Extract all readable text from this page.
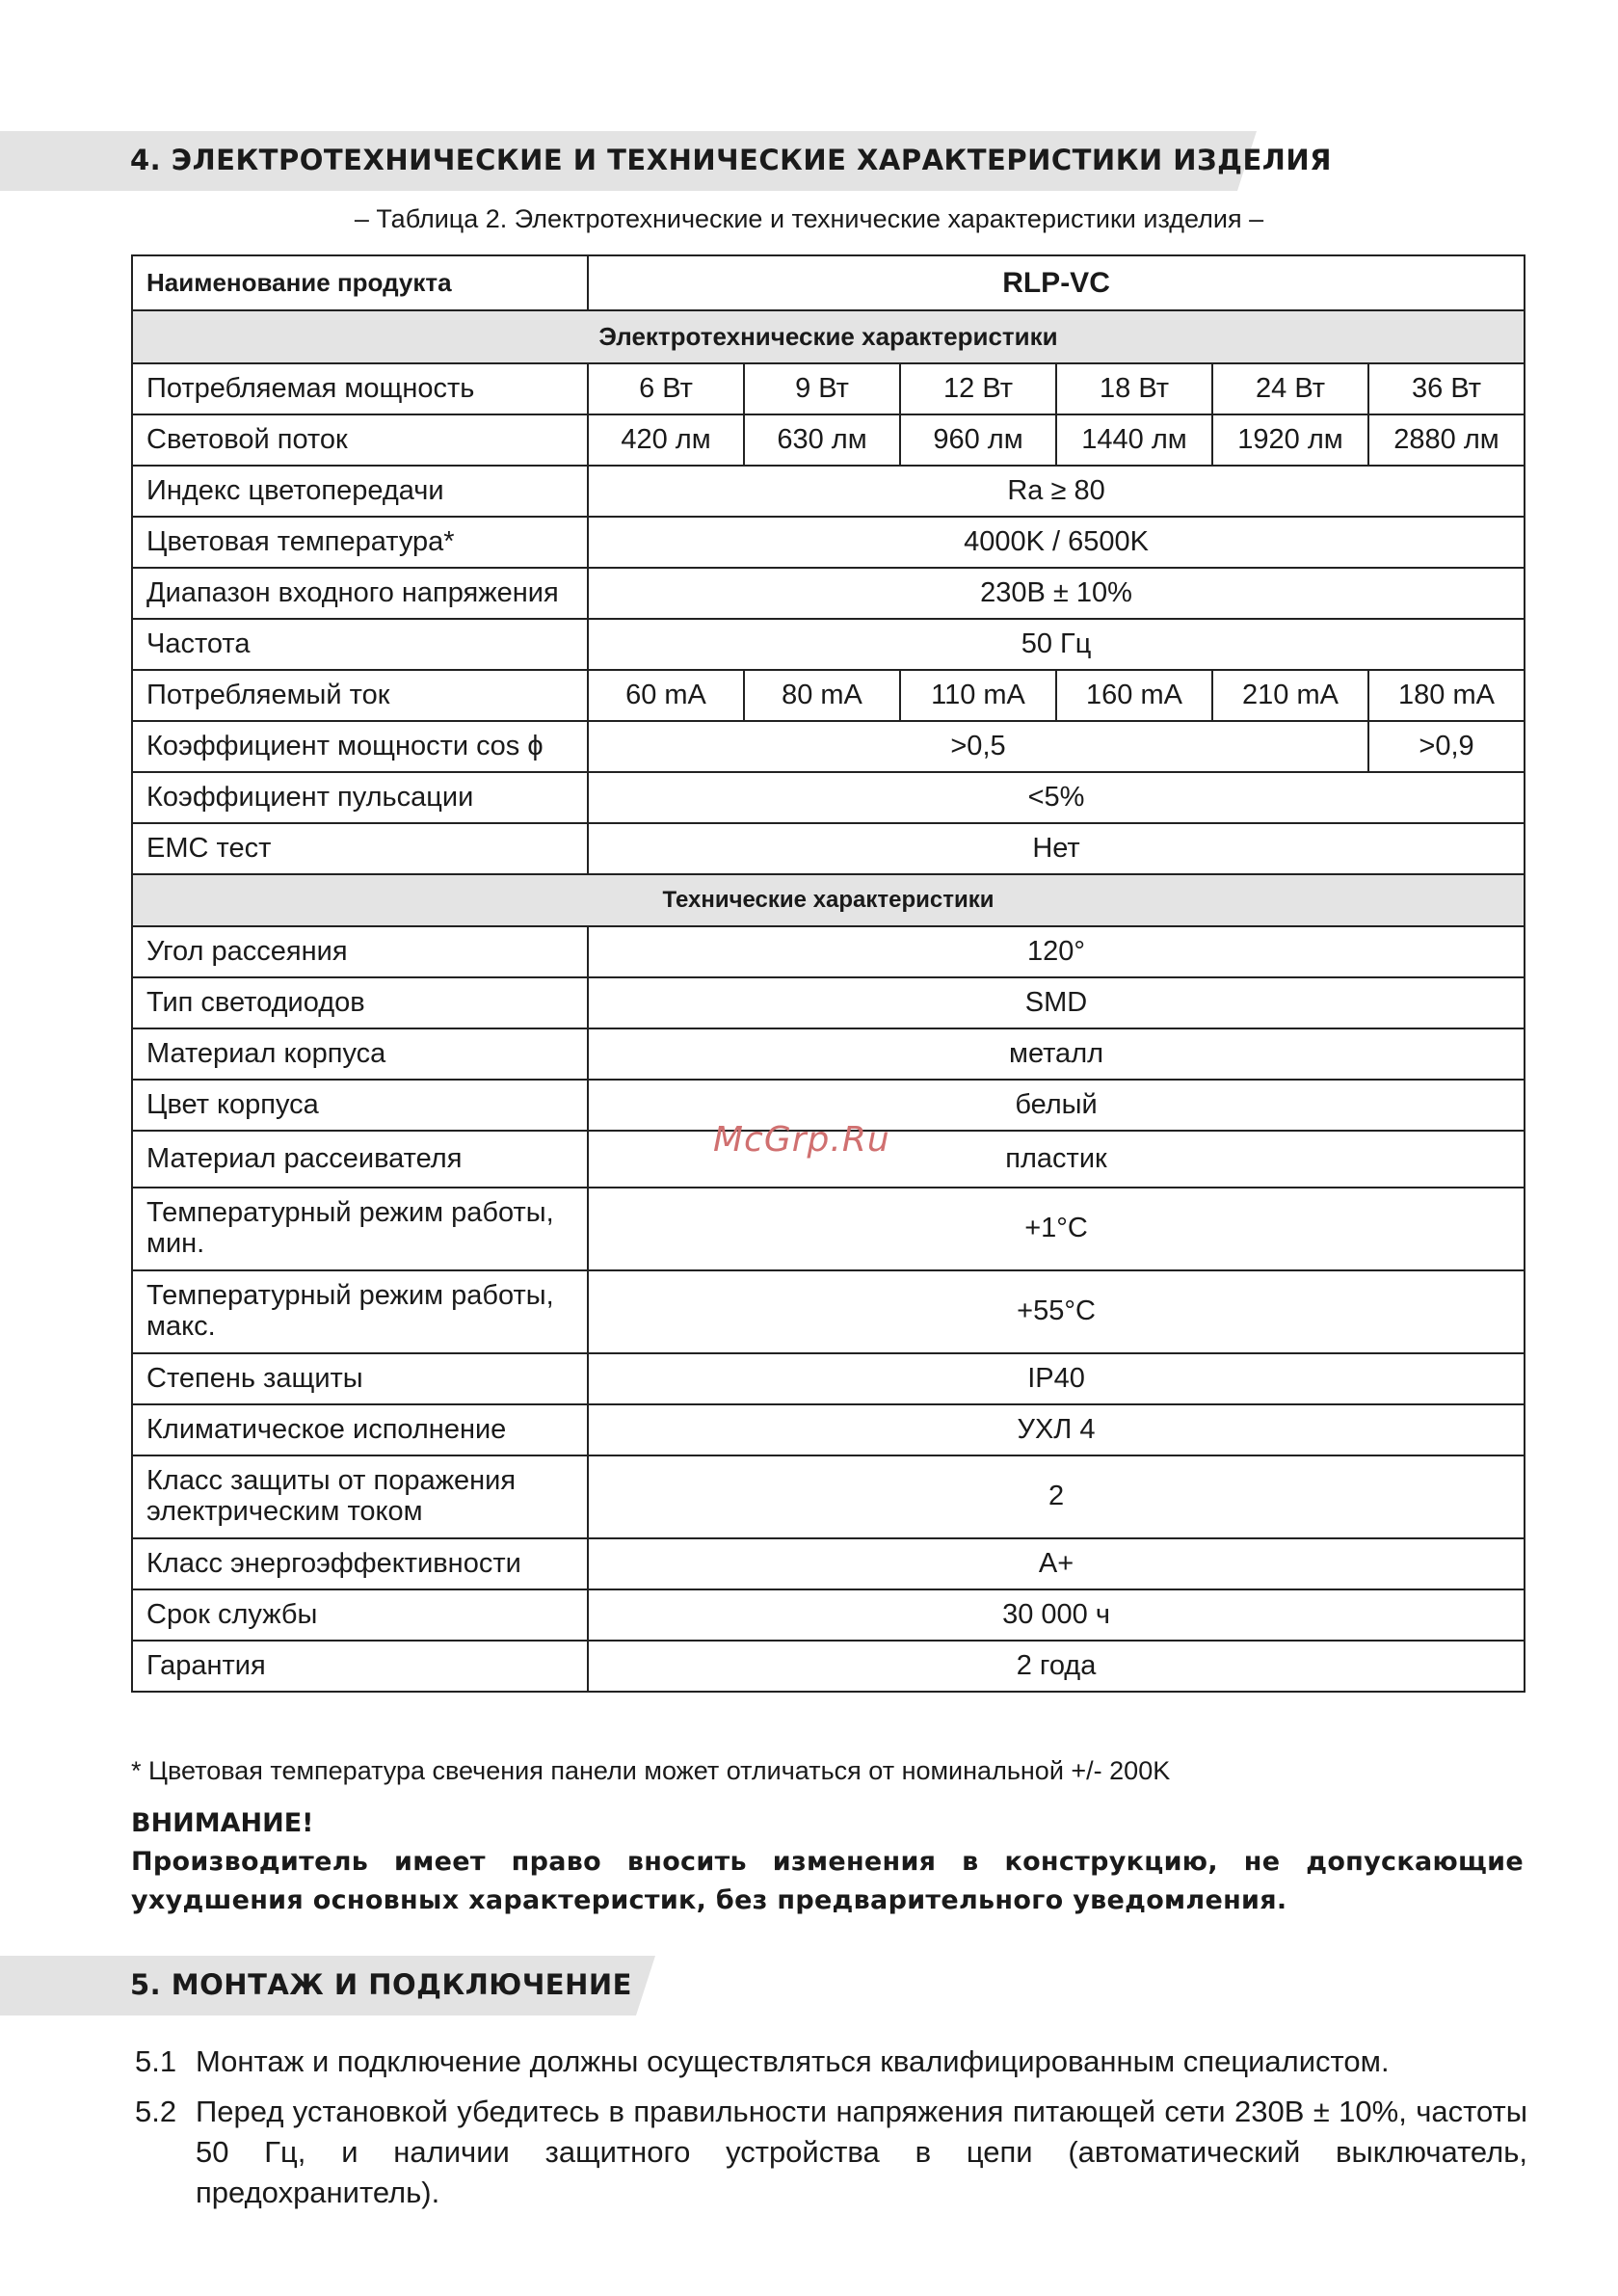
4. ЭЛЕКТРОТЕХНИЧЕСКИЕ И ТЕХНИЧЕСКИЕ ХАРАКТЕРИСТИКИ ИЗДЕЛИЯ
– Таблица 2. Электротехнические и технические характеристики изделия –
Наименование продукта	RLP-VC					
Электротехнические характеристики						
Потребляемая мощность	6 Вт	9 Вт	12 Вт	18 Вт	24 Вт	36 Вт
Световой поток	420 лм	630 лм	960 лм	1440 лм	1920 лм	2880 лм
Индекс цветопередачи	Ra ≥ 80					
Цветовая температура*	4000K / 6500K					
Диапазон входного напряжения	230В ± 10%					
Частота	50 Гц					
Потребляемый ток	60 mA	80 mA	110 mA	160 mA	210 mA	180 mA
Коэффициент мощности cos ϕ	>0,5					>0,9
Коэффициент пульсации	<5%					
ЕМС тест	Нет					
Технические характеристики						
Угол рассеяния	120°					
Тип светодиодов	SMD					
Материал корпуса	металл					
Цвет корпуса	белый					
Материал рассеивателя	пластик					
Температурный режим работы,
мин.	+1°С					
Температурный режим работы,
макс.	+55°С					
Степень защиты	IP40					
Климатическое исполнение	УХЛ 4					
Класс защиты от поражения
электрическим током	2					
Класс энергоэффективности	А+					
Срок службы	30 000 ч					
Гарантия	2 года					
McGrp.Ru
* Цветовая температура свечения панели может отличаться от номинальной +/- 200K
ВНИМАНИЕ!
Производитель имеет право вносить изменения в конструкцию, не допускающие ухудшения основных характеристик, без предварительного уведомления.
5. МОНТАЖ И ПОДКЛЮЧЕНИЕ
5.1 Монтаж и подключение должны осуществляться квалифицированным специалистом.
5.2 Перед установкой убедитесь в правильности напряжения питающей сети 230В ± 10%, частоты 50 Гц, и наличии защитного устройства в цепи (автоматический выключатель, предохранитель).
